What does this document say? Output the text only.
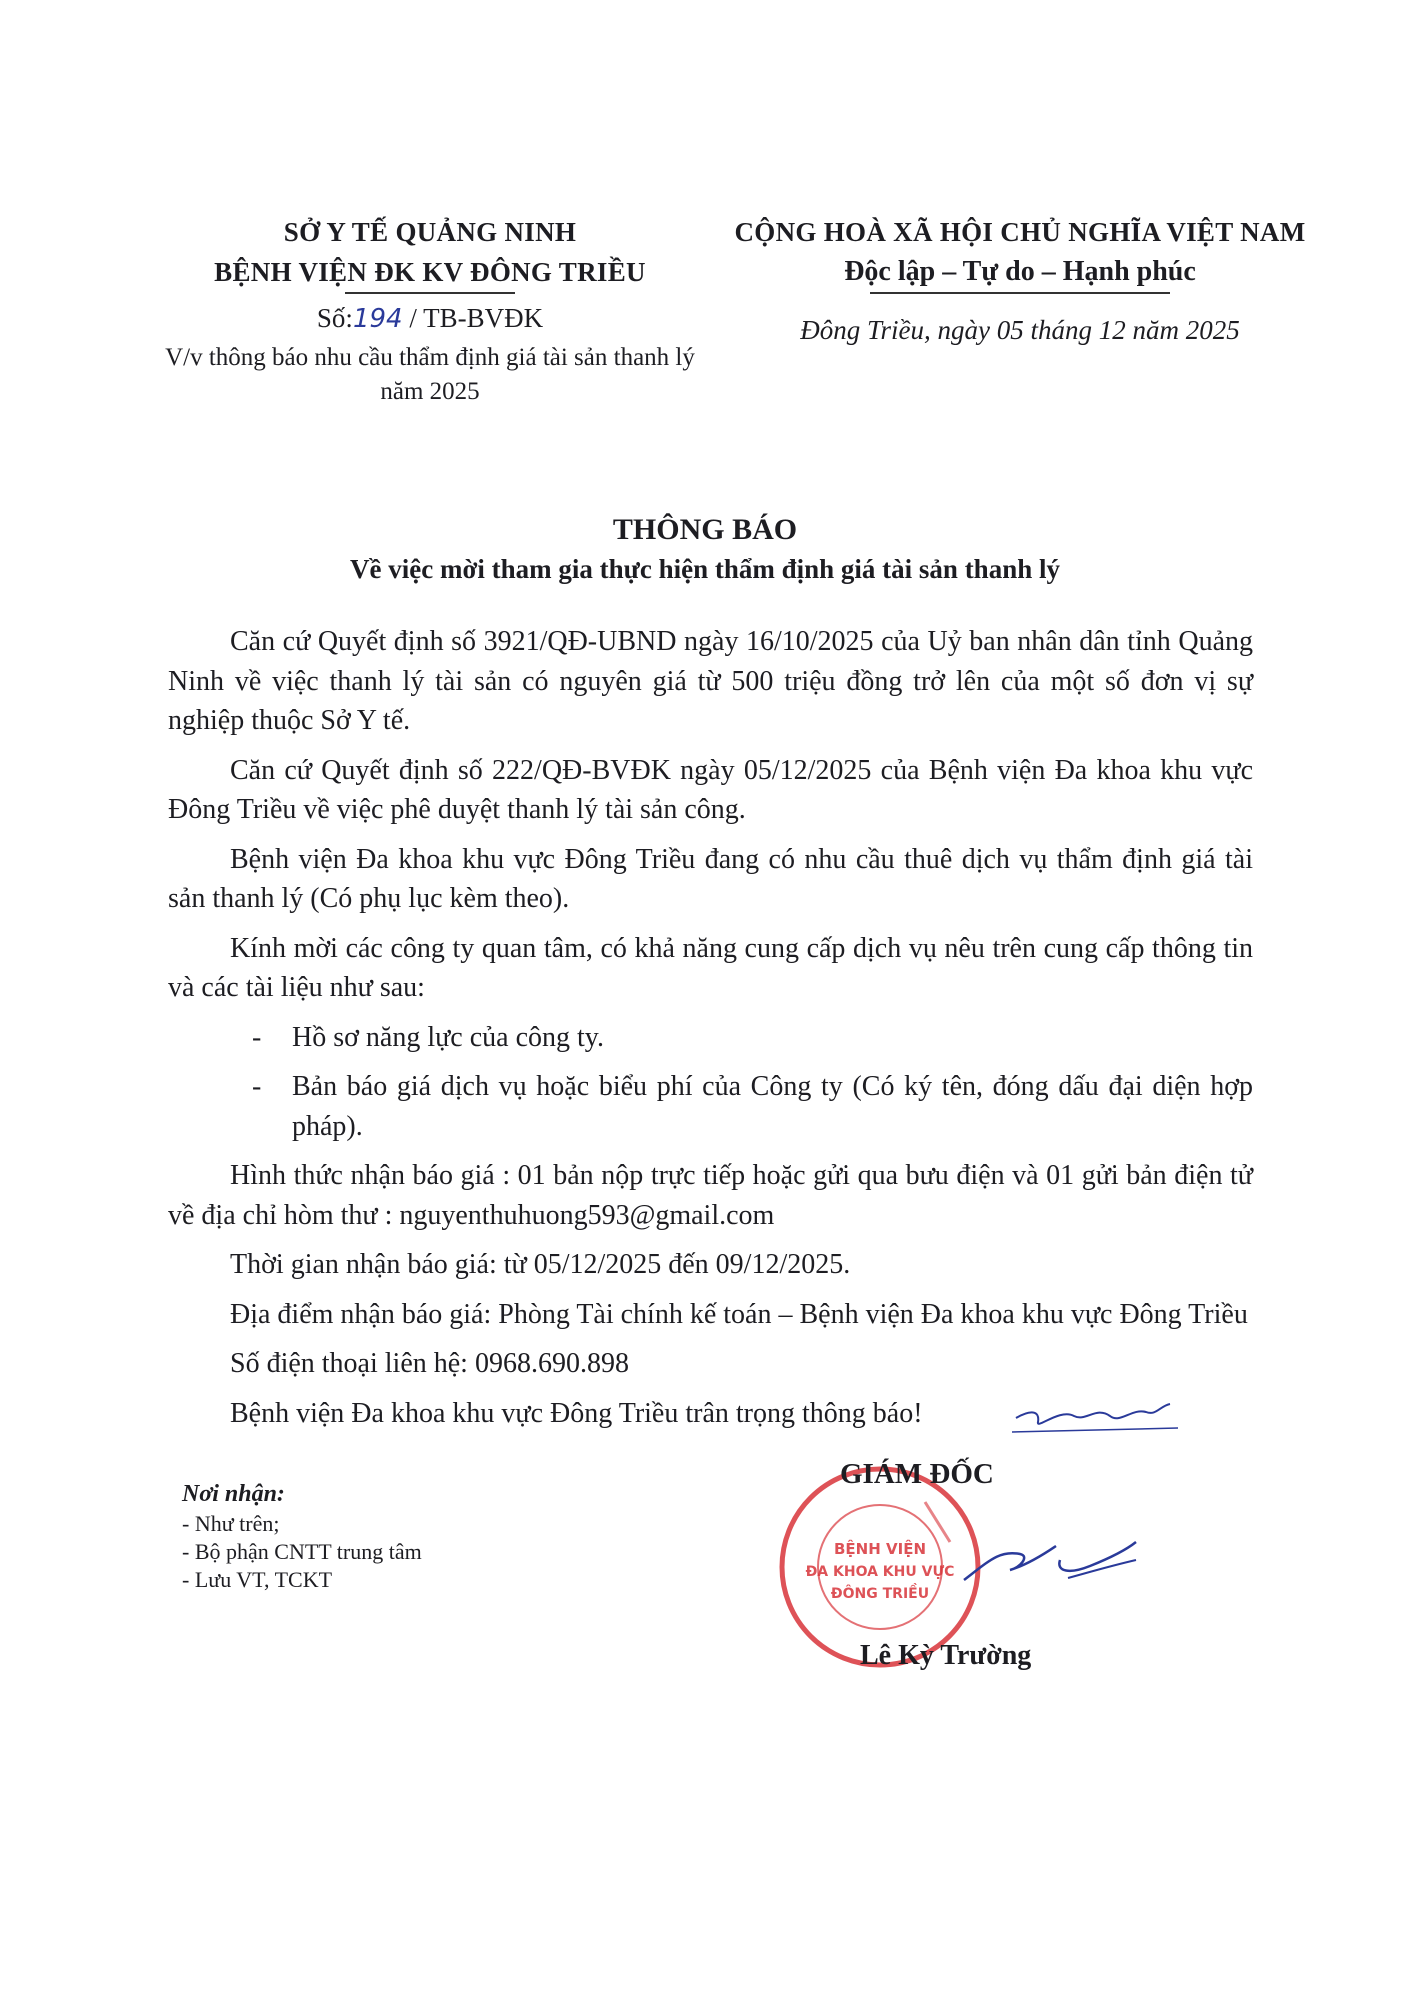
SỞ Y TẾ QUẢNG NINH
BỆNH VIỆN ĐK KV ĐÔNG TRIỀU
Số:194 / TB-BVĐK
V/v thông báo nhu cầu thẩm định giá tài sản thanh lý năm 2025
CỘNG HOÀ XÃ HỘI CHỦ NGHĨA VIỆT NAM
Độc lập – Tự do – Hạnh phúc
Đông Triều, ngày 05 tháng 12 năm 2025
THÔNG BÁO
Về việc mời tham gia thực hiện thẩm định giá tài sản thanh lý

Căn cứ Quyết định số 3921/QĐ-UBND ngày 16/10/2025 của Uỷ ban nhân dân tỉnh Quảng Ninh về việc thanh lý tài sản có nguyên giá từ 500 triệu đồng trở lên của một số đơn vị sự nghiệp thuộc Sở Y tế.

Căn cứ Quyết định số 222/QĐ-BVĐK ngày 05/12/2025 của Bệnh viện Đa khoa khu vực Đông Triều về việc phê duyệt thanh lý tài sản công.

Bệnh viện Đa khoa khu vực Đông Triều đang có nhu cầu thuê dịch vụ thẩm định giá tài sản thanh lý (Có phụ lục kèm theo).

Kính mời các công ty quan tâm, có khả năng cung cấp dịch vụ nêu trên cung cấp thông tin và các tài liệu như sau:

- Hồ sơ năng lực của công ty.
- Bản báo giá dịch vụ hoặc biểu phí của Công ty (Có ký tên, đóng dấu đại diện hợp pháp).

Hình thức nhận báo giá : 01 bản nộp trực tiếp hoặc gửi qua bưu điện và 01 gửi bản điện tử về địa chỉ hòm thư : nguyenthuhuong593@gmail.com

Thời gian nhận báo giá: từ 05/12/2025 đến 09/12/2025.

Địa điểm nhận báo giá: Phòng Tài chính kế toán – Bệnh viện Đa khoa khu vực Đông Triều

Số điện thoại liên hệ: 0968.690.898

Bệnh viện Đa khoa khu vực Đông Triều trân trọng thông báo!

Nơi nhận:
- Như trên;
- Bộ phận CNTT trung tâm
- Lưu VT, TCKT
BỆNH VIỆN
ĐA KHOA KHU VỰC
ĐÔNG TRIỀU
GIÁM ĐỐC
Lê Kỳ Trường
